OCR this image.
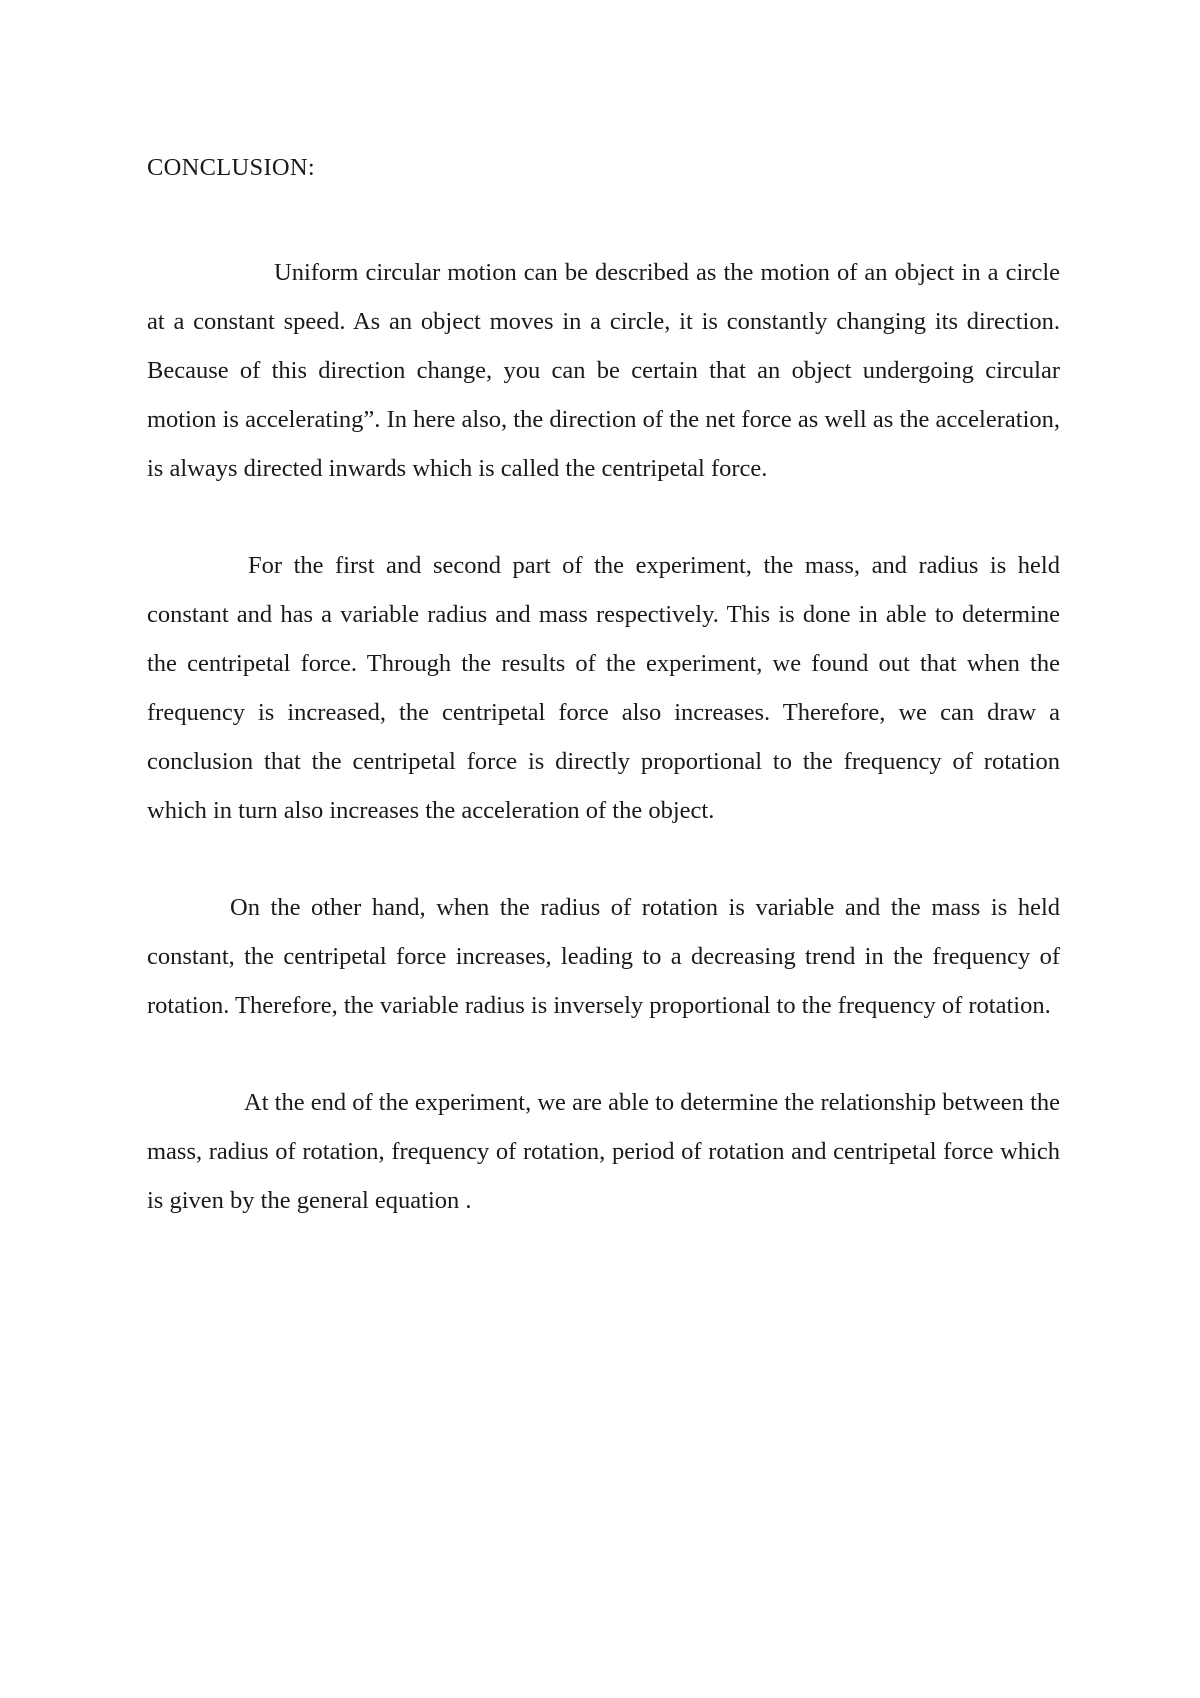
CONCLUSION:

Uniform circular motion can be described as the motion of an object in a circle at a constant speed. As an object moves in a circle, it is constantly changing its direction. Because of this direction change, you can be certain that an object undergoing circular motion is accelerating”. In here also, the direction of the net force as well as the acceleration, is always directed inwards which is called the centripetal force.

For the first and second part of the experiment, the mass, and radius is held constant and has a variable radius and mass respectively. This is done in able to determine the centripetal force. Through the results of the experiment, we found out that when the frequency is increased, the centripetal force also increases. Therefore, we can draw a conclusion that the centripetal force is directly proportional to the frequency of rotation which in turn also increases the acceleration of the object.

On the other hand, when the radius of rotation is variable and the mass is held constant, the centripetal force increases, leading to a decreasing trend in the frequency of rotation. Therefore, the variable radius is inversely proportional to the frequency of rotation.

At the end of the experiment, we are able to determine the relationship between the mass, radius of rotation, frequency of rotation, period of rotation and centripetal force which is given by the general equation .
